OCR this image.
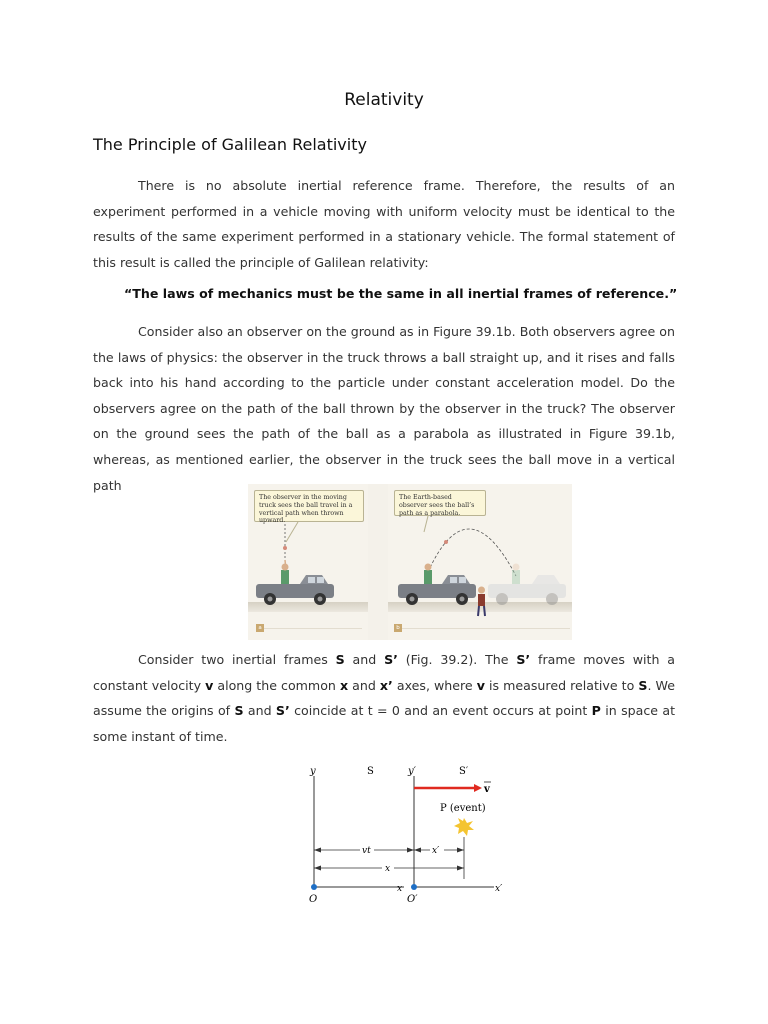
Relativity
The Principle of Galilean Relativity

There is no absolute inertial reference frame. Therefore, the results of an experiment performed in a vehicle moving with uniform velocity must be identical to the results of the same experiment performed in a stationary vehicle. The formal statement of this result is called the principle of Galilean relativity:

“The laws of mechanics must be the same in all inertial frames of reference.”

Consider also an observer on the ground as in Figure 39.1b. Both observers agree on the laws of physics: the observer in the truck throws a ball straight up, and it rises and falls back into his hand according to the particle under constant acceleration model. Do the observers agree on the path of the ball thrown by the observer in the truck? The observer on the ground sees the path of the ball as a parabola as illustrated in Figure 39.1b, whereas, as mentioned earlier, the observer in the truck sees the ball move in a vertical path

The observer in the moving truck sees the ball travel in a vertical path when thrown upward.
a
The Earth-based observer sees the ball’s path as a parabola.
b

Consider two inertial frames S and S’ (Fig. 39.2). The S’ frame moves with a constant velocity v along the common x and x’ axes, where v is measured relative to S. We assume the origins of S and S’ coincide at t = 0 and an event occurs at point P in space at some instant of time.

y	S	y′	S′
v
P (event)
vt	x′
x
x	x′
O	O′
